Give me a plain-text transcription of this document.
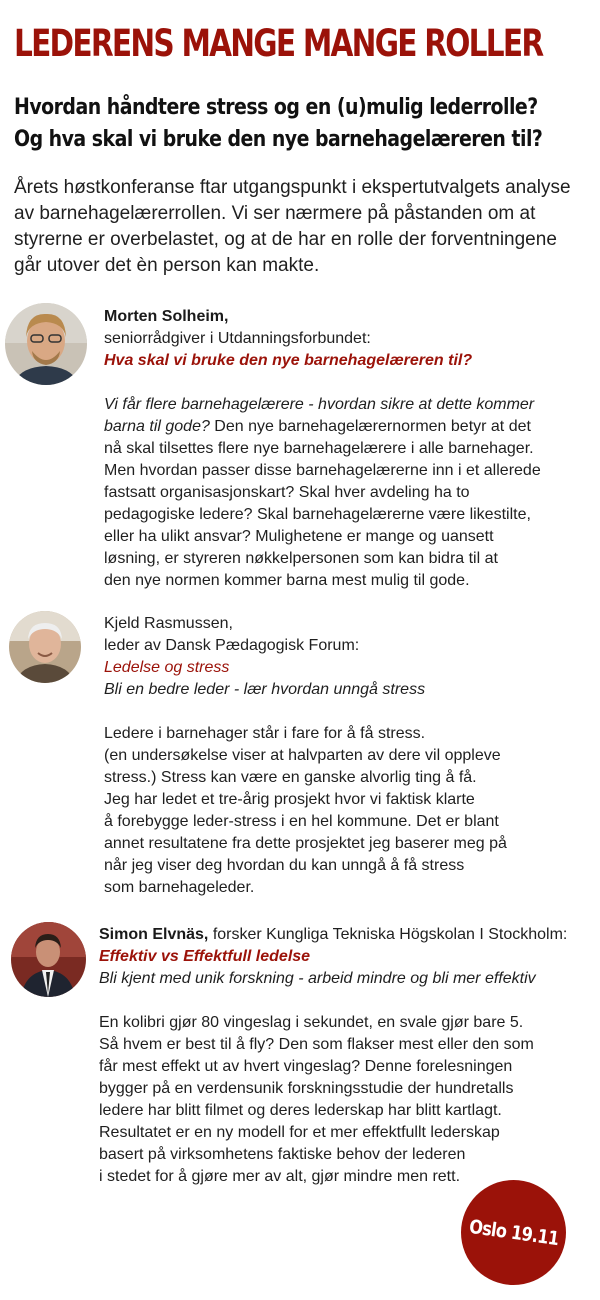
LEDERENS MANGE MANGE ROLLER
Hvordan håndtere stress og en (u)mulig lederrolle?
Og hva skal vi bruke den nye barnehagelæreren til?
Årets høstkonferanse ftar utgangspunkt i ekspertutvalgets analyse
av barnehagelærerrollen. Vi ser nærmere på påstanden om at
styrerne er overbelastet, og at de har en rolle der forventningene
går utover det èn person kan makte.
Morten Solheim,
seniorrådgiver i Utdanningsforbundet:
Hva skal vi bruke den nye barnehagelæreren til?
Vi får flere barnehagelærere - hvordan sikre at dette kommer
barna til gode? Den nye barnehagelærernormen betyr at det
nå skal tilsettes flere nye barnehagelærere i alle barnehager.
Men hvordan passer disse barnehagelærerne inn i et allerede
fastsatt organisasjonskart? Skal hver avdeling ha to
pedagogiske ledere? Skal barnehagelærerne være likestilte,
eller ha ulikt ansvar? Mulighetene er mange og uansett
løsning, er styreren nøkkelpersonen som kan bidra til at
den nye normen kommer barna mest mulig til gode.
Kjeld Rasmussen,
leder av Dansk Pædagogisk Forum:
Ledelse og stress
Bli en bedre leder - lær hvordan unngå stress
Ledere i barnehager står i fare for å få stress.
(en undersøkelse viser at halvparten av dere vil oppleve
stress.) Stress kan være en ganske alvorlig ting å få.
Jeg har ledet et tre-årig prosjekt hvor vi faktisk klarte
å forebygge leder-stress i en hel kommune. Det er blant
annet resultatene fra dette prosjektet jeg baserer meg på
når jeg viser deg hvordan du kan unngå å få stress
som barnehageleder.
Simon Elvnäs, forsker Kungliga Tekniska Högskolan I Stockholm:
Effektiv vs Effektfull ledelse
Bli kjent med unik forskning - arbeid mindre og bli mer effektiv
En kolibri gjør 80 vingeslag i sekundet, en svale gjør bare 5.
Så hvem er best til å fly? Den som flakser mest eller den som
får mest effekt ut av hvert vingeslag? Denne forelesningen
bygger på en verdensunik forskningsstudie der hundretalls
ledere har blitt filmet og deres lederskap har blitt kartlagt.
Resultatet er en ny modell for et mer effektfullt lederskap
basert på virksomhetens faktiske behov der lederen
i stedet for å gjøre mer av alt, gjør mindre men rett.
Oslo 19.11
